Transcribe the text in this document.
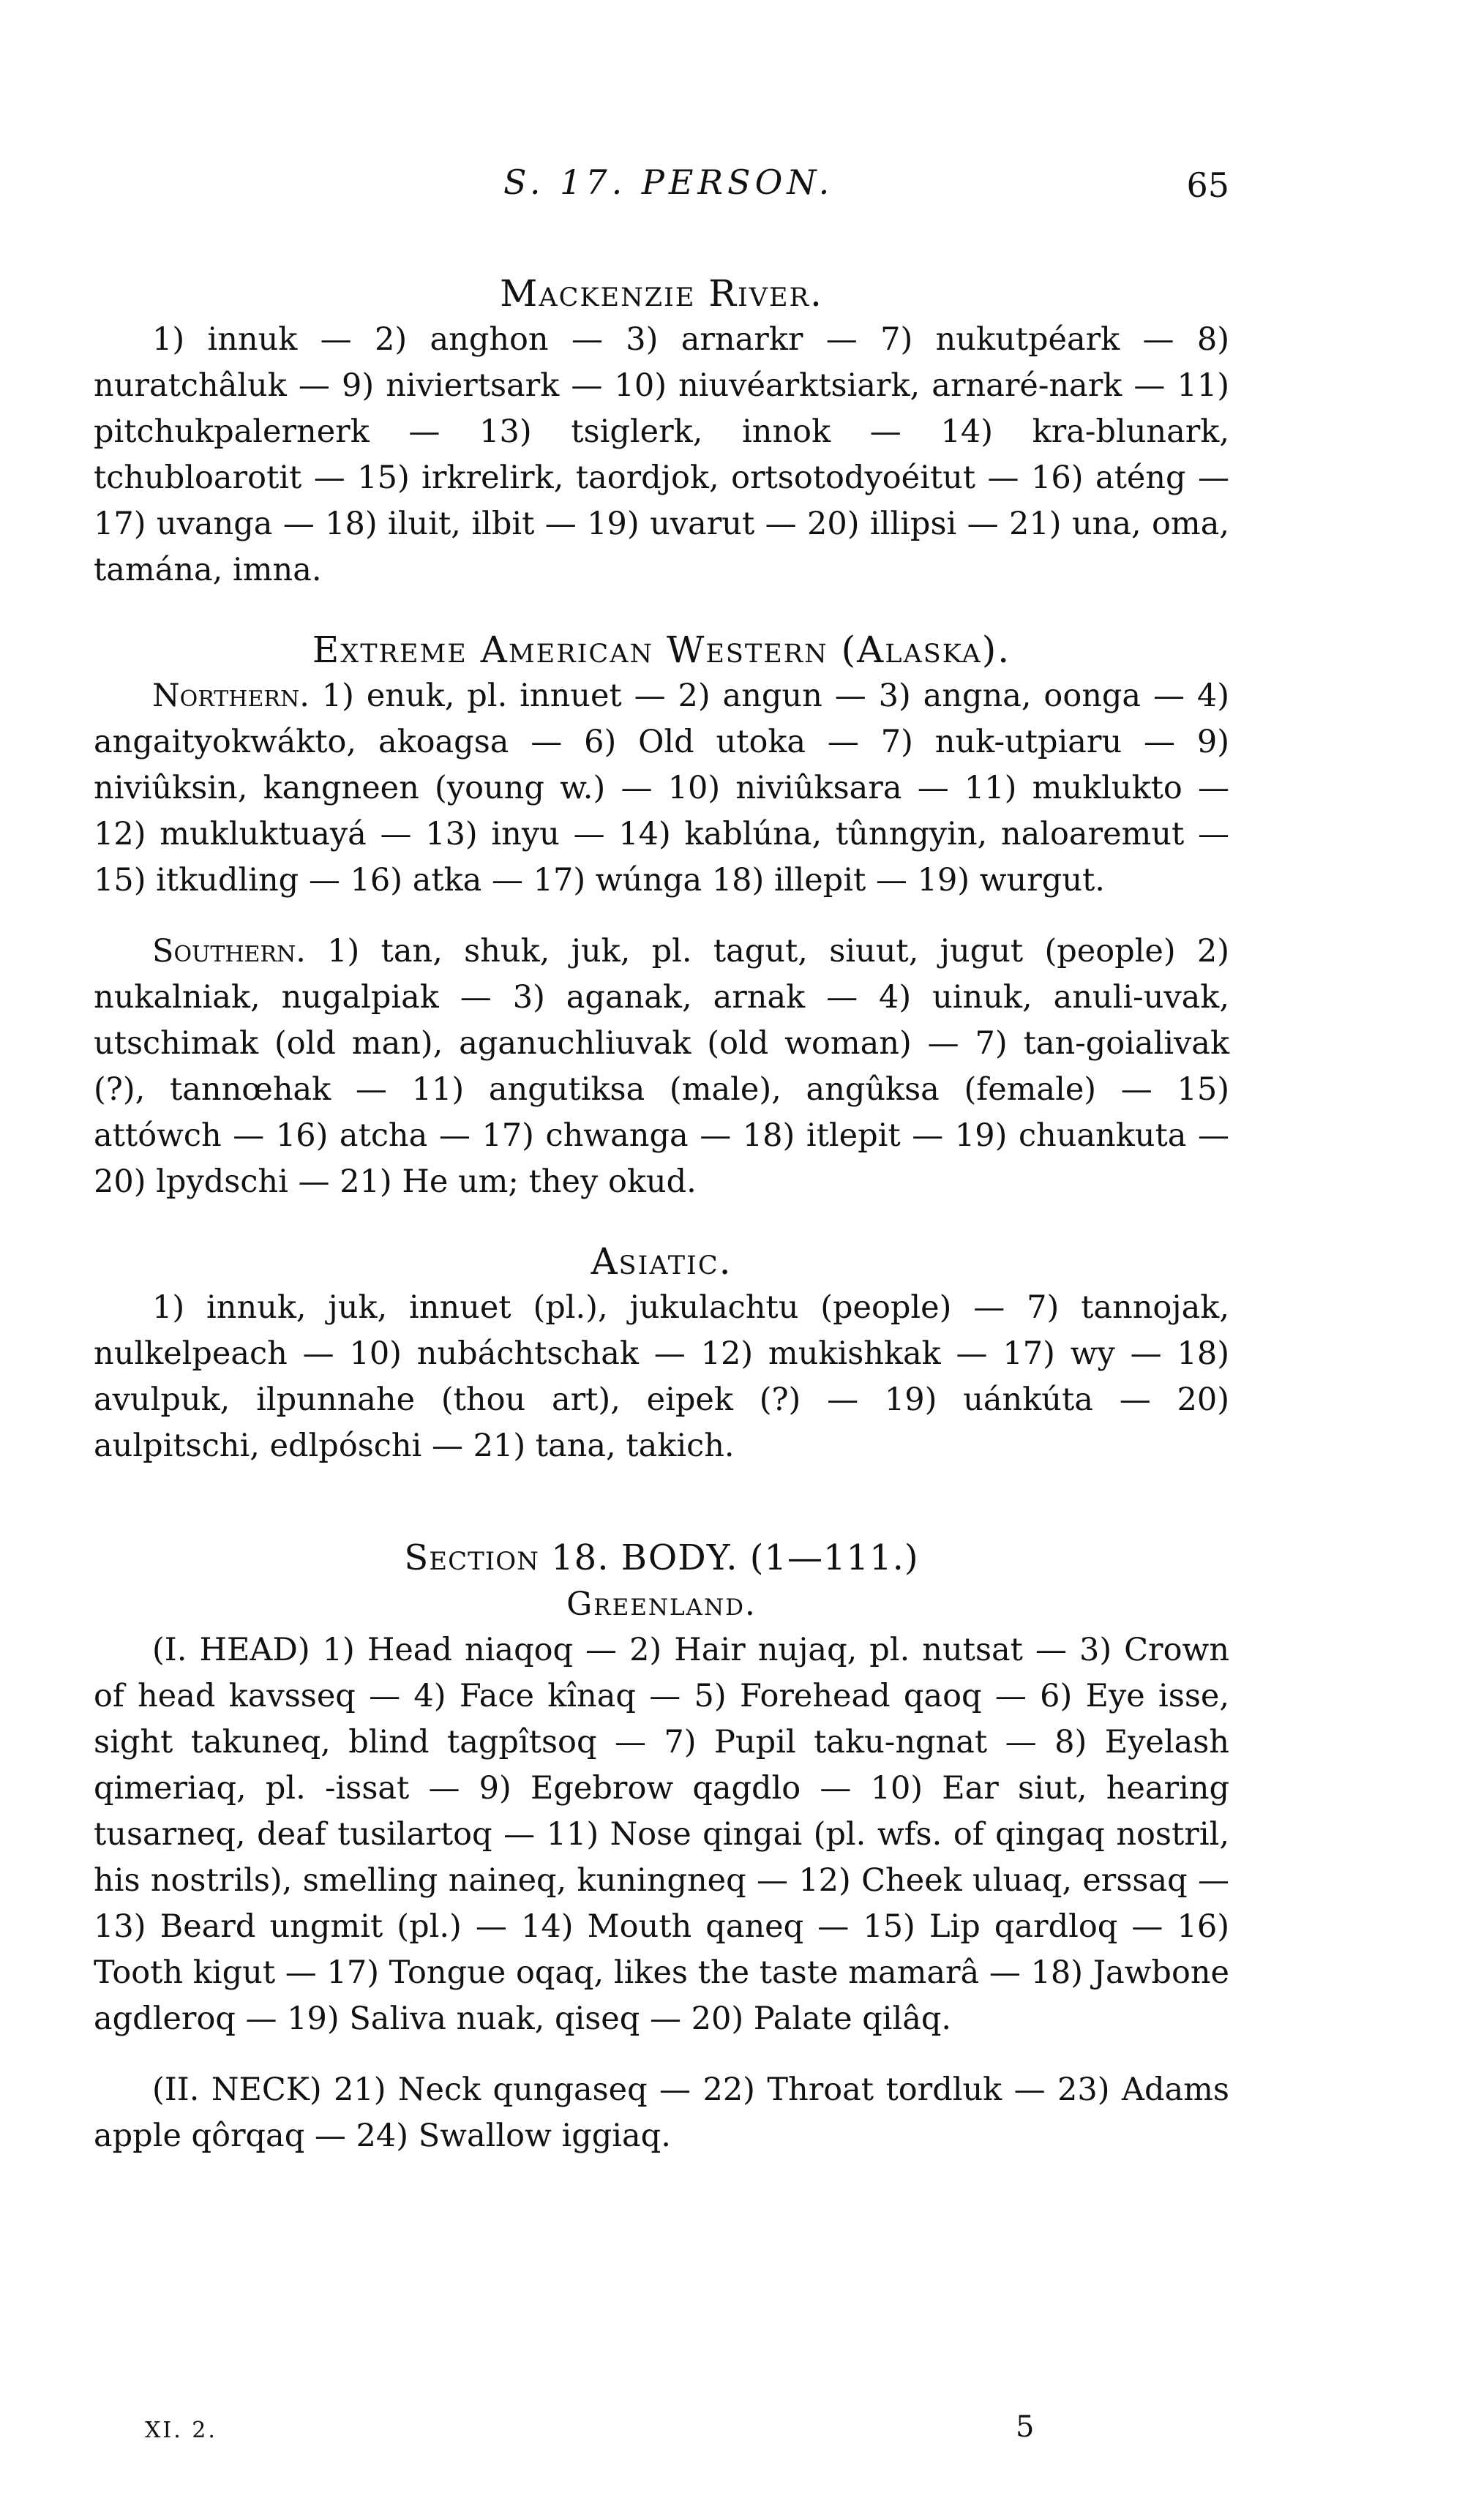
S. 17. PERSON.	65
Mackenzie River.

1) innuk — 2) anghon — 3) arnarkr — 7) nukutpéark — 8) nuratchâluk — 9) niviertsark — 10) niuvéarktsiark, arnaré-nark — 11) pitchukpalernerk — 13) tsiglerk, innok — 14) kra-blunark, tchubloarotit — 15) irkrelirk, taordjok, ortsotodyoéitut — 16) aténg — 17) uvanga — 18) iluit, ilbit — 19) uvarut — 20) illipsi — 21) una, oma, tamána, imna.

Extreme American Western (Alaska).

Northern. 1) enuk, pl. innuet — 2) angun — 3) angna, oonga — 4) angaityokwákto, akoagsa — 6) Old utoka — 7) nuk-utpiaru — 9) niviûksin, kangneen (young w.) — 10) niviûksara — 11) muklukto — 12) mukluktuayá — 13) inyu — 14) kablúna, tûnngyin, naloaremut — 15) itkudling — 16) atka — 17) wúnga 18) illepit — 19) wurgut.

Southern. 1) tan, shuk, juk, pl. tagut, siuut, jugut (people) 2) nukalniak, nugalpiak — 3) aganak, arnak — 4) uinuk, anuli-uvak, utschimak (old man), aganuchliuvak (old woman) — 7) tan-goialivak (?), tannœhak — 11) angutiksa (male), angûksa (female) — 15) attówch — 16) atcha — 17) chwanga — 18) itlepit — 19) chuankuta — 20) lpydschi — 21) He um; they okud.

Asiatic.

1) innuk, juk, innuet (pl.), jukulachtu (people) — 7) tannojak, nulkelpeach — 10) nubáchtschak — 12) mukishkak — 17) wy — 18) avulpuk, ilpunnahe (thou art), eipek (?) — 19) uánkúta — 20) aulpitschi, edlpóschi — 21) tana, takich.

Section 18. BODY. (1—111.)
Greenland.

(I. HEAD) 1) Head niaqoq — 2) Hair nujaq, pl. nutsat — 3) Crown of head kavsseq — 4) Face kînaq — 5) Forehead qaoq — 6) Eye isse, sight takuneq, blind tagpîtsoq — 7) Pupil taku-ngnat — 8) Eyelash qimeriaq, pl. -issat — 9) Egebrow qagdlo — 10) Ear siut, hearing tusarneq, deaf tusilartoq — 11) Nose qingai (pl. wfs. of qingaq nostril, his nostrils), smelling naineq, kuningneq — 12) Cheek uluaq, erssaq — 13) Beard ungmit (pl.) — 14) Mouth qaneq — 15) Lip qardloq — 16) Tooth kigut — 17) Tongue oqaq, likes the taste mamarâ — 18) Jawbone agdleroq — 19) Saliva nuak, qiseq — 20) Palate qilâq.

(II. NECK) 21) Neck qungaseq — 22) Throat tordluk — 23) Adams apple qôrqaq — 24) Swallow iggiaq.

XI. 2.	5
